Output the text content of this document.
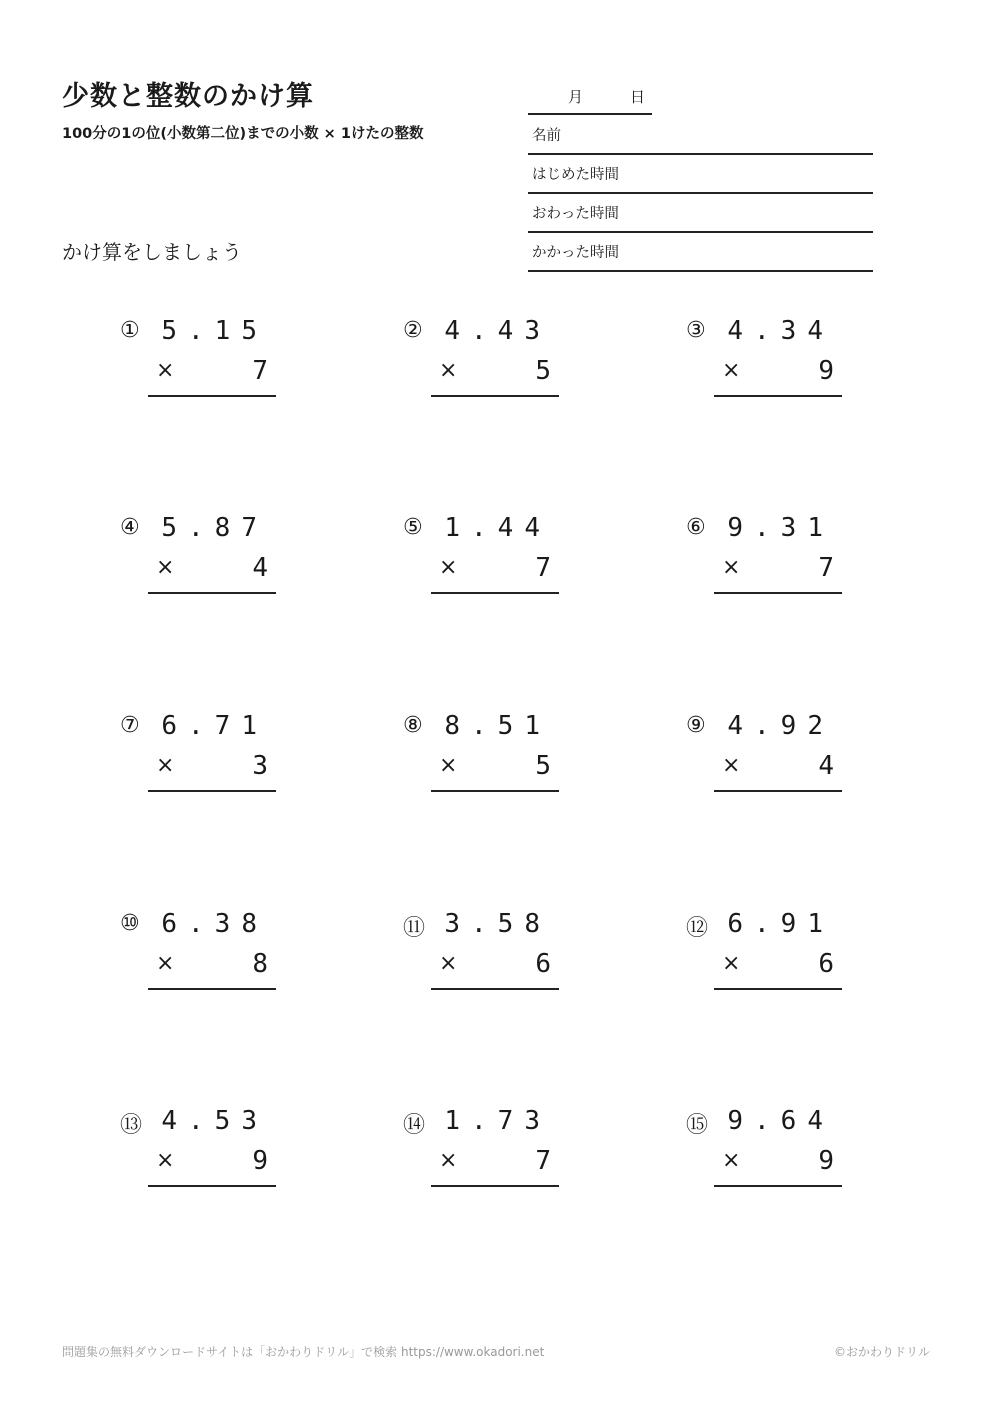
少数と整数のかけ算
100分の1の位(小数第二位)までの小数 × 1けたの整数
かけ算をしましょう
月	日
名前
はじめた時間
おわった時間
かかった時間
① 5.15
×	7
② 4.43
×	5
③ 4.34
×	9
④ 5.87
×	4
⑤ 1.44
×	7
⑥ 9.31
×	7
⑦ 6.71
×	3
⑧ 8.51
×	5
⑨ 4.92
×	4
⑩ 6.38
×	8
⑪ 3.58
×	6
⑫ 6.91
×	6
⑬ 4.53
×	9
⑭ 1.73
×	7
⑮ 9.64
×	9
問題集の無料ダウンロードサイトは「おかわりドリル」で検索 https://www.okadori.net	©おかわりドリル
